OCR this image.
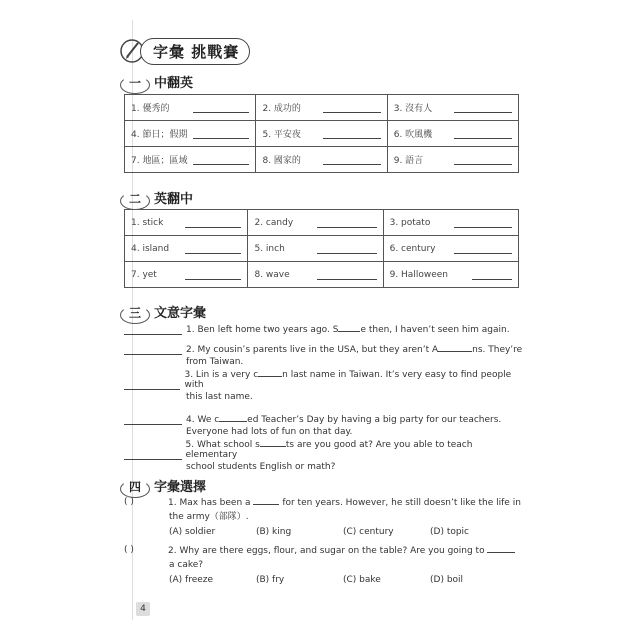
字彙 挑戰賽
一	中翻英
1. 優秀的	2. 成功的	3. 沒有人

4. 節日；假期	5. 平安夜	6. 吹風機

7. 地區；區域	8. 國家的	9. 語言
二	英翻中
1. stick	2. candy	3. potato

4. island	5. inch	6. century

7. yet	8. wave	9. Halloween
三	文意字彙
1. Ben left home two years ago. S e then, I haven’t seen him again.
2. My cousin’s parents live in the USA, but they aren’t A	ns. They’re
from Taiwan.
3. Lin is a very c	n last name in Taiwan. It’s very easy to find people with
this last name.
4. We c	ed Teacher’s Day by having a big party for our teachers.
Everyone had lots of fun on that day.
5. What school s	ts are you good at? Are you able to teach elementary
school students English or math?
四	字彙選擇
( )	1. Max has been a	for ten years. However, he still doesn’t like the life in
the army（部隊）.
(A) soldier	(B) king	(C) century	(D) topic
( )	2. Why are there eggs, flour, and sugar on the table? Are you going to
a cake?
(A) freeze	(B) fry	(C) bake	(D) boil
4
